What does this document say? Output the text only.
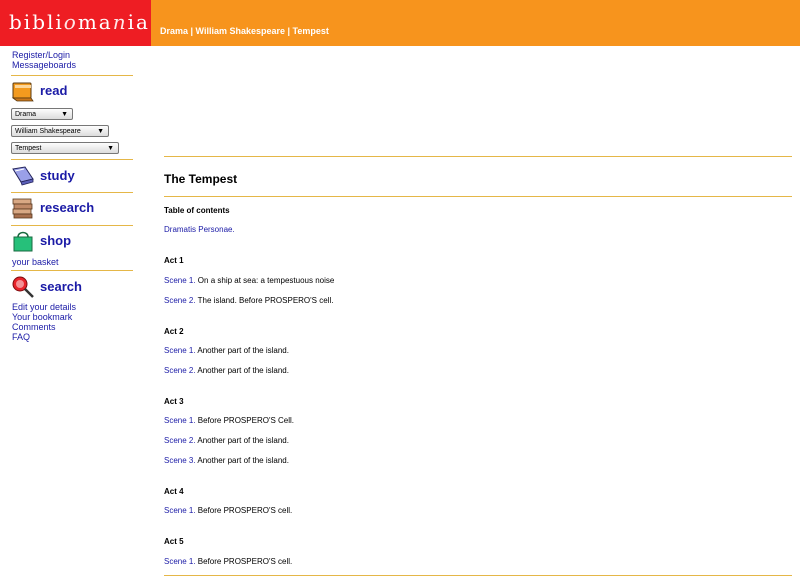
bibliomania Drama | William Shakespeare | Tempest
Register/Login
Messageboards
read
Drama	▼
William Shakespeare ▼
Tempest	▼
study
research
shop
your basket
search
Edit your details
Your bookmark
Comments
FAQ
The Tempest
Table of contents
Dramatis Personae.
Act 1
Scene 1. On a ship at sea: a tempestuous noise
Scene 2. The island. Before PROSPERO'S cell.
Act 2
Scene 1. Another part of the island.
Scene 2. Another part of the island.
Act 3
Scene 1. Before PROSPERO'S Cell.
Scene 2. Another part of the island.
Scene 3. Another part of the island.
Act 4
Scene 1. Before PROSPERO'S cell.
Act 5
Scene 1. Before PROSPERO'S cell.
